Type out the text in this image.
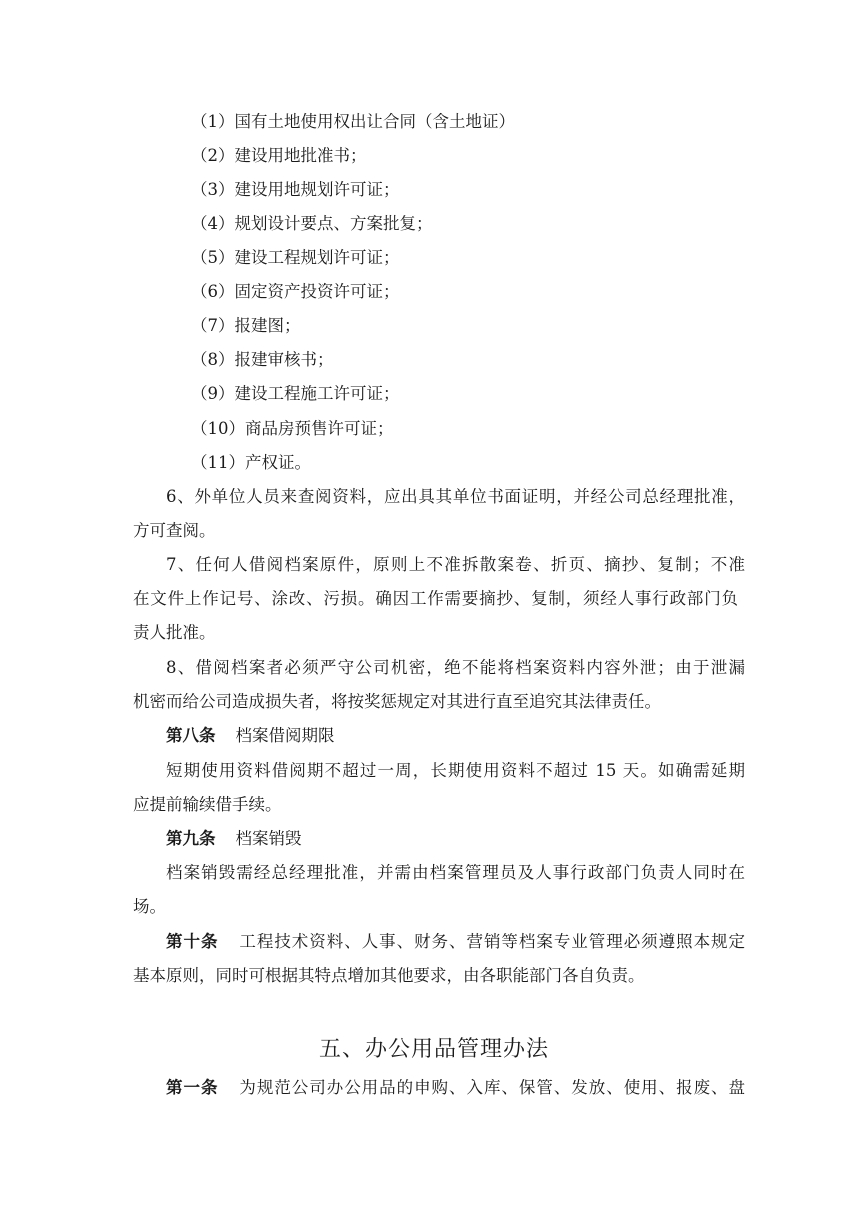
（1）国有土地使用权出让合同（含土地证）
（2）建设用地批准书；
（3）建设用地规划许可证；
（4）规划设计要点、方案批复；
（5）建设工程规划许可证；
（6）固定资产投资许可证；
（7）报建图；
（8）报建审核书；
（9）建设工程施工许可证；
（10）商品房预售许可证；
（11）产权证。
6、外单位人员来查阅资料，应出具其单位书面证明，并经公司总经理批准，
方可查阅。
7、任何人借阅档案原件，原则上不准拆散案卷、折页、摘抄、复制；不准
在文件上作记号、涂改、污损。确因工作需要摘抄、复制，须经人事行政部门负
责人批准。
8、借阅档案者必须严守公司机密，绝不能将档案资料内容外泄；由于泄漏
机密而给公司造成损失者，将按奖惩规定对其进行直至追究其法律责任。
第八条 档案借阅期限
短期使用资料借阅期不超过一周，长期使用资料不超过 15 天。如确需延期
应提前输续借手续。
第九条 档案销毁
档案销毁需经总经理批准，并需由档案管理员及人事行政部门负责人同时在
场。
第十条 工程技术资料、人事、财务、营销等档案专业管理必须遵照本规定
基本原则，同时可根据其特点增加其他要求，由各职能部门各自负责。
五、办公用品管理办法
第一条 为规范公司办公用品的申购、入库、保管、发放、使用、报废、盘
